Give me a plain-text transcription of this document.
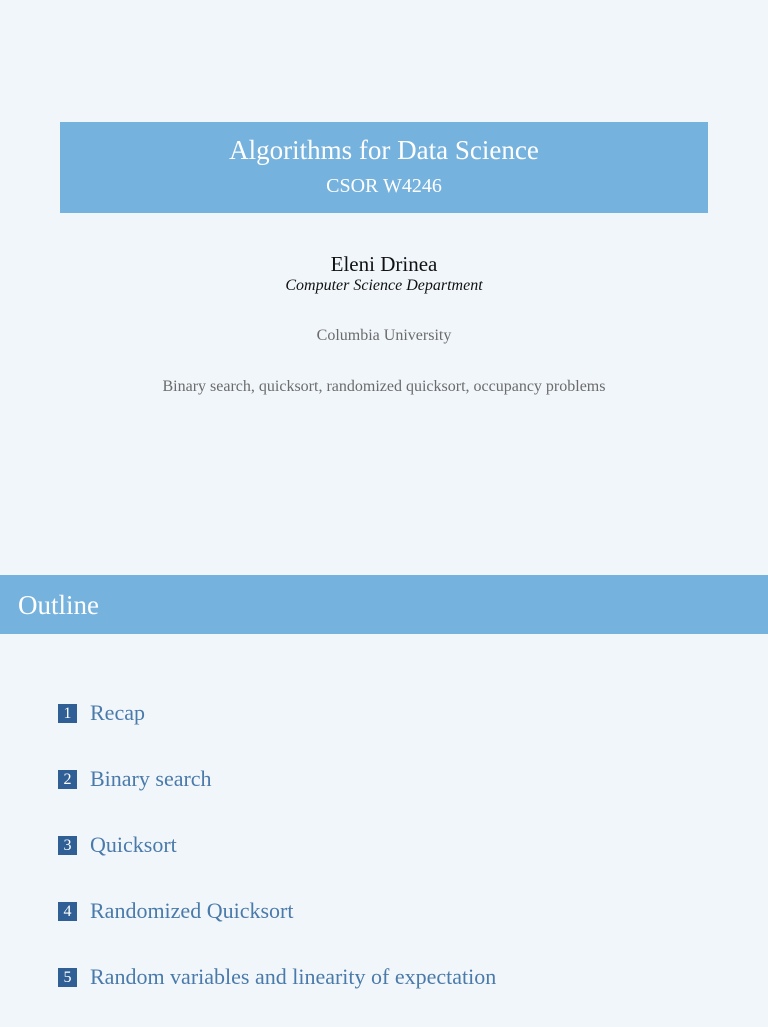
Algorithms for Data Science
CSOR W4246
Eleni Drinea
Computer Science Department
Columbia University
Binary search, quicksort, randomized quicksort, occupancy problems
Outline
1 Recap
2 Binary search
3 Quicksort
4 Randomized Quicksort
5 Random variables and linearity of expectation
